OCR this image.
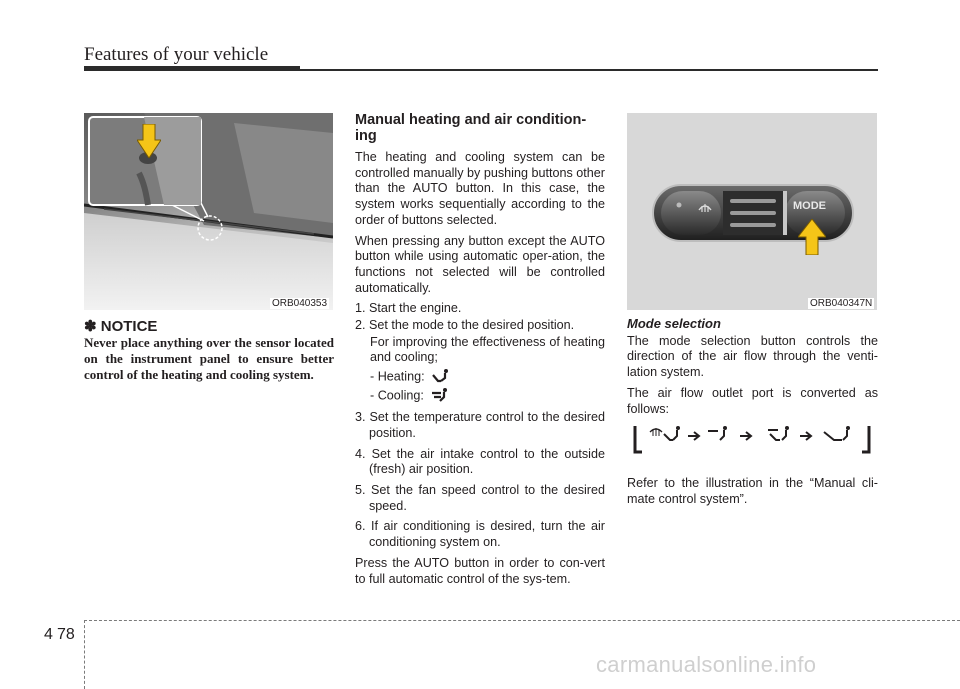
Features of your vehicle
ORB040353
✽ NOTICE
Never place anything over the sensor located on the instrument panel to ensure better control of the heating and cooling system.
Manual heating and air condition-ing

The heating and cooling system can be controlled manually by pushing buttons other than the AUTO button. In this case, the system works sequentially according to the order of buttons selected.

When pressing any button except the AUTO button while using automatic oper-ation, the functions not selected will be controlled automatically.

1. Start the engine.
2. Set the mode to the desired position.
For improving the effectiveness of heating and cooling;
- Heating:
- Cooling:
3. Set the temperature control to the desired position.
4. Set the air intake control to the outside (fresh) air position.
5. Set the fan speed control to the desired speed.
6. If air conditioning is desired, turn the air conditioning system on.

Press the AUTO button in order to con-vert to full automatic control of the sys-tem.

MODE
ORB040347N
Mode selection

The mode selection button controls the direction of the air flow through the venti-lation system.

The air flow outlet port is converted as follows:

Refer to the illustration in the “Manual cli-mate control system”.

4 78
carmanualsonline.info
